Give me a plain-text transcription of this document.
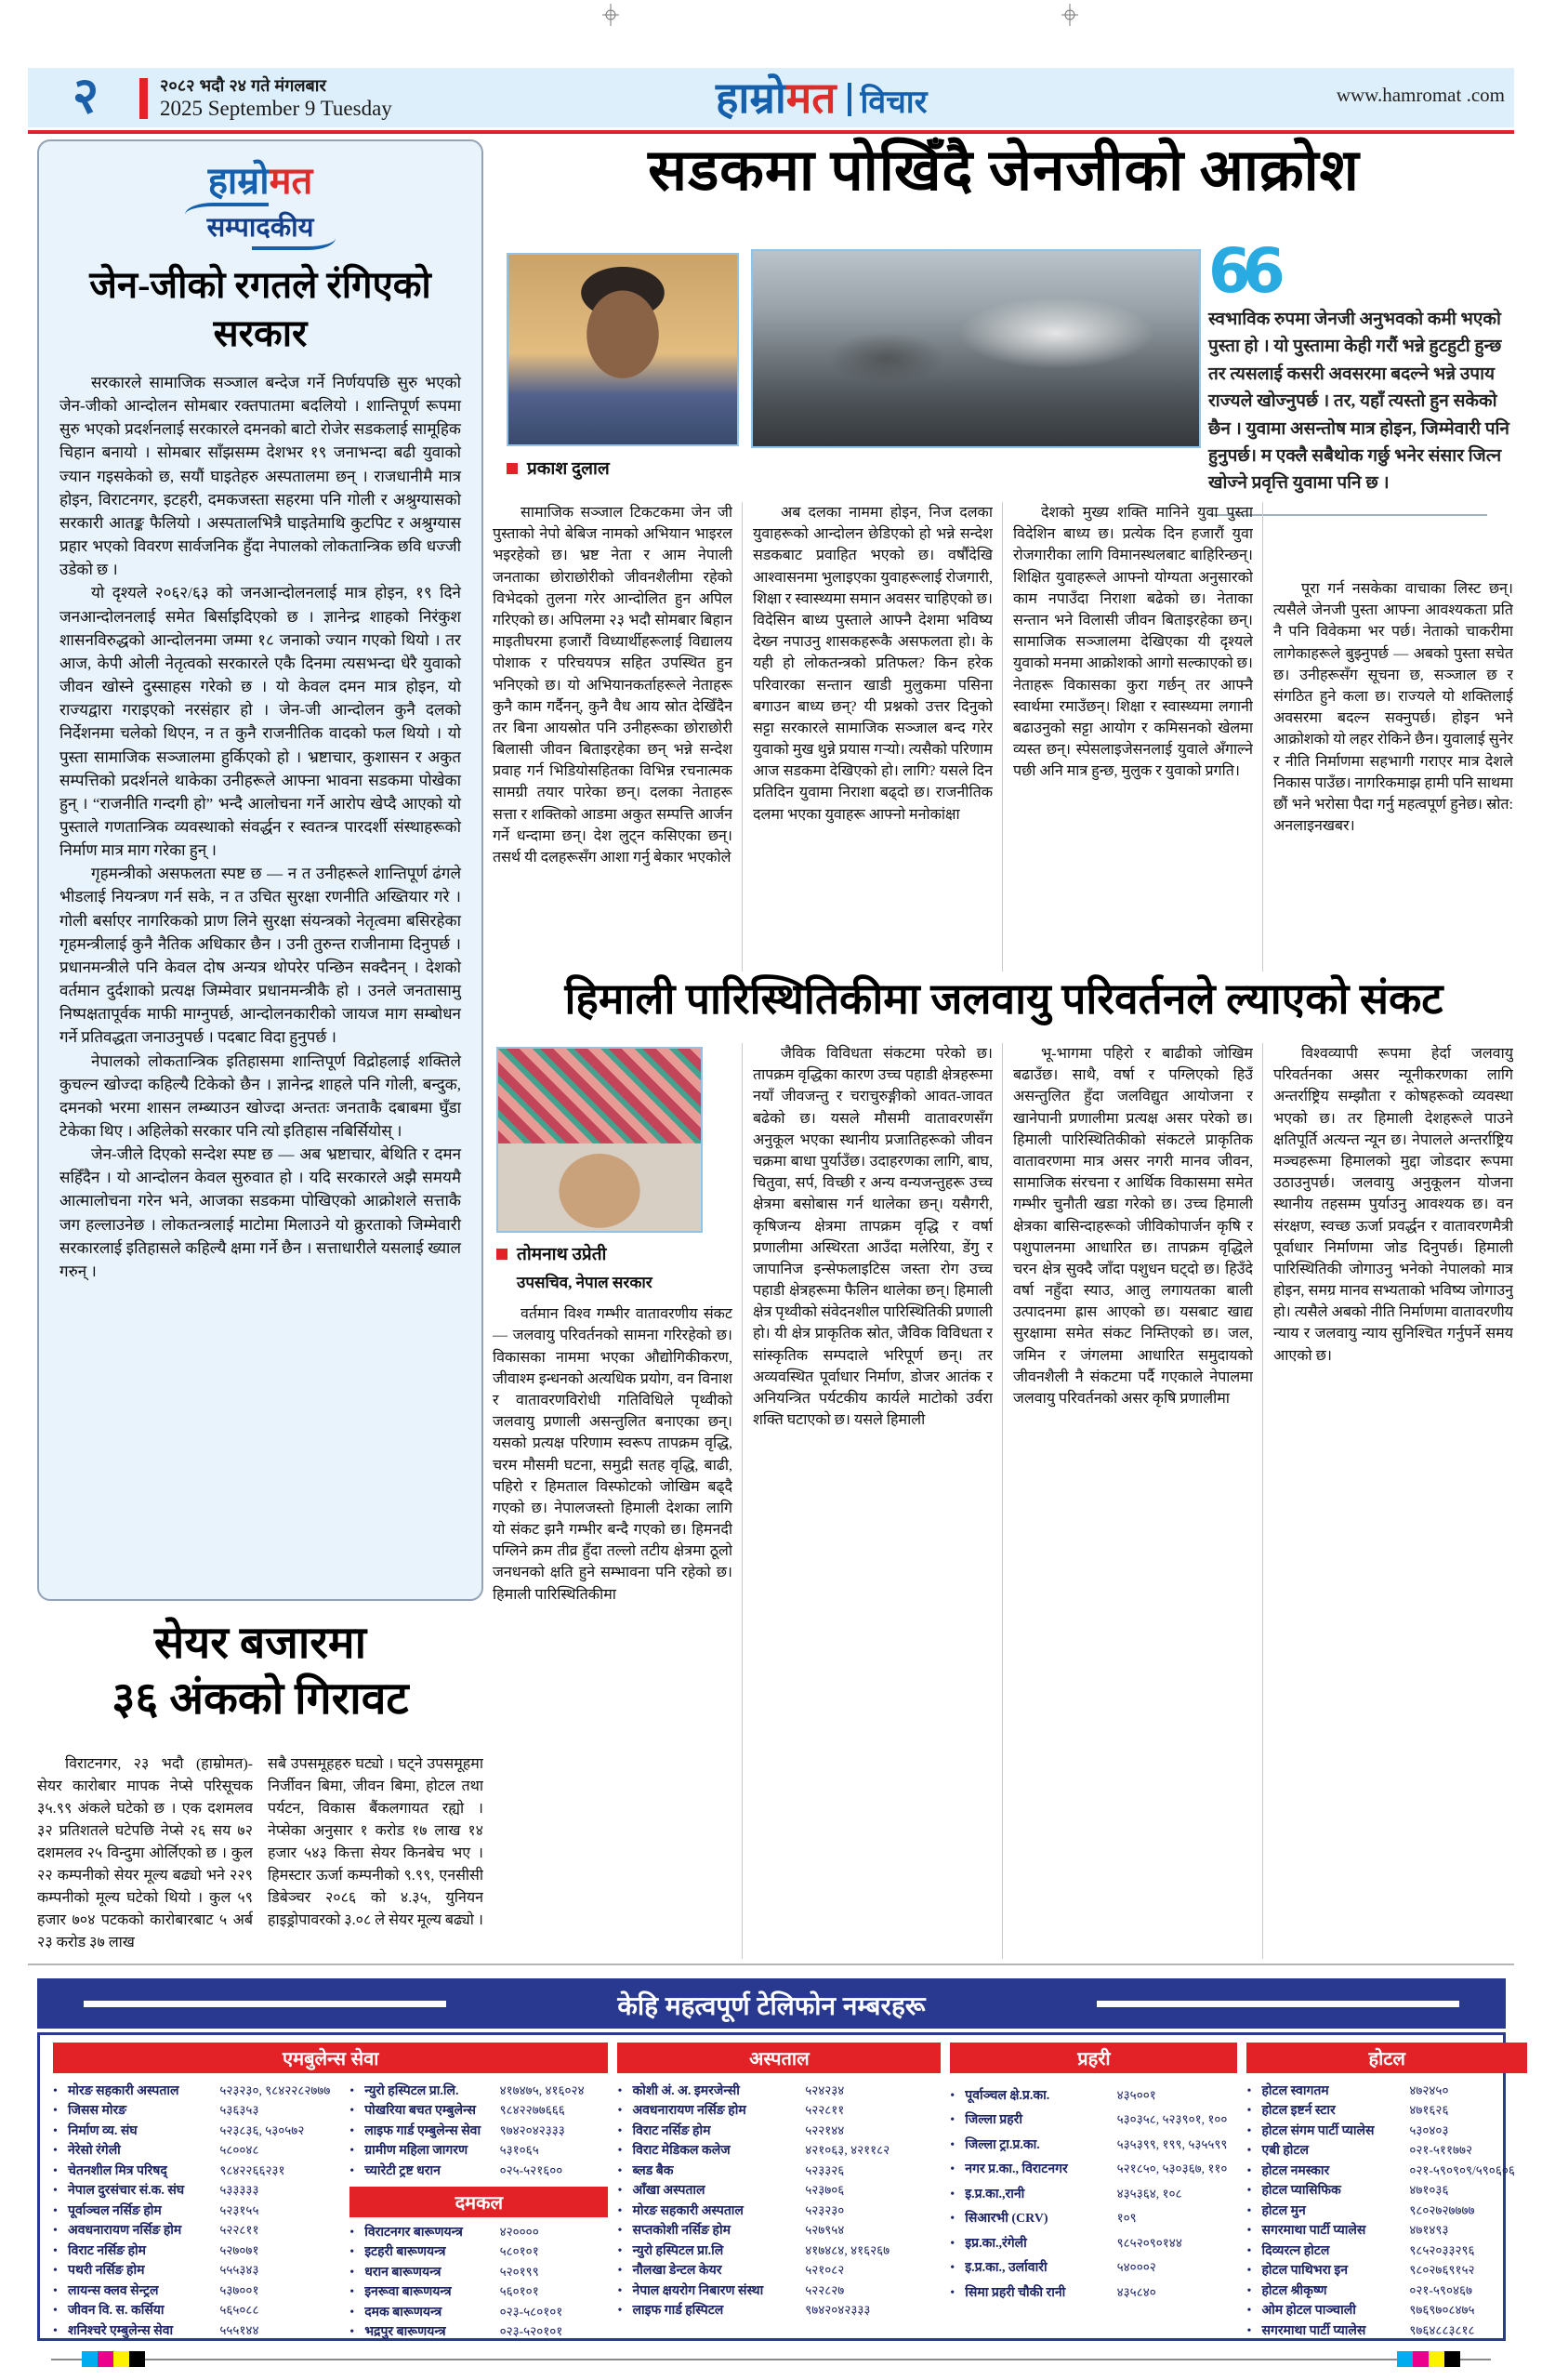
२	२०८२ भदौ २४ गते मंगलबार
2025 September 9 Tuesday	हाम्रोमत विचार	www.hamromat .com
हाम्रोमत
सम्पादकीय
जेन-जीको रगतले रंगिएको सरकार

सरकारले सामाजिक सञ्जाल बन्देज गर्ने निर्णयपछि सुरु भएको जेन-जीको आन्दोलन सोमबार रक्तपातमा बदलियो । शान्तिपूर्ण रूपमा सुरु भएको प्रदर्शनलाई सरकारले दमनको बाटो रोजेर सडकलाई सामूहिक चिहान बनायो । सोमबार साँझसम्म देशभर १९ जनाभन्दा बढी युवाको ज्यान गइसकेको छ, सयौं घाइतेहरु अस्पतालमा छन् । राजधानीमै मात्र होइन, विराटनगर, इटहरी, दमकजस्ता सहरमा पनि गोली र अश्रुग्यासको सरकारी आतङ्क फैलियो । अस्पतालभित्रै घाइतेमाथि कुटपिट र अश्रुग्यास प्रहार भएको विवरण सार्वजनिक हुँदा नेपालको लोकतान्त्रिक छवि धज्जी उडेको छ ।

यो दृश्यले २०६२/६३ को जनआन्दोलनलाई मात्र होइन, १९ दिने जनआन्दोलनलाई समेत बिर्साइदिएको छ । ज्ञानेन्द्र शाहको निरंकुश शासनविरुद्धको आन्दोलनमा जम्मा १८ जनाको ज्यान गएको थियो । तर आज, केपी ओली नेतृत्वको सरकारले एकै दिनमा त्यसभन्दा धेरै युवाको जीवन खोस्ने दुस्साहस गरेको छ । यो केवल दमन मात्र होइन, यो राज्यद्वारा गराइएको नरसंहार हो । जेन-जी आन्दोलन कुनै दलको निर्देशनमा चलेको थिएन, न त कुनै राजनीतिक वादको फल थियो । यो पुस्ता सामाजिक सञ्जालमा हुर्किएको हो । भ्रष्टाचार, कुशासन र अकुत सम्पत्तिको प्रदर्शनले थाकेका उनीहरूले आफ्ना भावना सडकमा पोखेका हुन् । “राजनीति गन्दगी हो” भन्दै आलोचना गर्ने आरोप खेप्दै आएको यो पुस्ताले गणतान्त्रिक व्यवस्थाको संवर्द्धन र स्वतन्त्र पारदर्शी संस्थाहरूको निर्माण मात्र माग गरेका हुन् ।

गृहमन्त्रीको असफलता स्पष्ट छ — न त उनीहरूले शान्तिपूर्ण ढंगले भीडलाई नियन्त्रण गर्न सके, न त उचित सुरक्षा रणनीति अख्तियार गरे । गोली बर्साएर नागरिकको प्राण लिने सुरक्षा संयन्त्रको नेतृत्वमा बसिरहेका गृहमन्त्रीलाई कुनै नैतिक अधिकार छैन । उनी तुरुन्त राजीनामा दिनुपर्छ । प्रधानमन्त्रीले पनि केवल दोष अन्यत्र थोपरेर पन्छिन सक्दैनन् । देशको वर्तमान दुर्दशाको प्रत्यक्ष जिम्मेवार प्रधानमन्त्रीकै हो । उनले जनतासामु निष्पक्षतापूर्वक माफी माग्नुपर्छ, आन्दोलनकारीको जायज माग सम्बोधन गर्ने प्रतिवद्धता जनाउनुपर्छ । पदबाट विदा हुनुपर्छ ।

नेपालको लोकतान्त्रिक इतिहासमा शान्तिपूर्ण विद्रोहलाई शक्तिले कुचल्न खोज्दा कहिल्यै टिकेको छैन । ज्ञानेन्द्र शाहले पनि गोली, बन्दुक, दमनको भरमा शासन लम्ब्याउन खोज्दा अन्ततः जनताकै दबाबमा घुँडा टेकेका थिए । अहिलेको सरकार पनि त्यो इतिहास नबिर्सियोस् ।

जेन-जीले दिएको सन्देश स्पष्ट छ — अब भ्रष्टाचार, बेथिति र दमन सहिँदैन । यो आन्दोलन केवल सुरुवात हो । यदि सरकारले अझै समयमै आत्मालोचना गरेन भने, आजका सडकमा पोखिएको आक्रोशले सत्ताकै जग हल्लाउनेछ । लोकतन्त्रलाई माटोमा मिलाउने यो क्रुरताको जिम्मेवारी सरकारलाई इतिहासले कहिल्यै क्षमा गर्ने छैन । सत्ताधारीले यसलाई ख्याल गरुन् ।

सडकमा पोखिँदै जेनजीको आक्रोश
प्रकाश दुलाल
66
स्वभाविक रुपमा जेनजी अनुभवको कमी भएको पुस्ता हो । यो पुस्तामा केही गरौं भन्ने हुटहुटी हुन्छ तर त्यसलाई कसरी अवसरमा बदल्ने भन्ने उपाय राज्यले खोज्नुपर्छ । तर, यहाँ त्यस्तो हुन सकेको छैन । युवामा असन्तोष मात्र होइन, जिम्मेवारी पनि हुनुपर्छ। म एक्लै सबैथोक गर्छु भनेर संसार जित्न खोज्ने प्रवृत्ति युवामा पनि छ ।
सामाजिक सञ्जाल टिकटकमा जेन जी पुस्ताको नेपो बेबिज नामको अभियान भाइरल भइरहेको छ। भ्रष्ट नेता र आम नेपाली जनताका छोराछोरीको जीवनशैलीमा रहेको विभेदको तुलना गरेर आन्दोलित हुन अपिल गरिएको छ। अपिलमा २३ भदौ सोमबार बिहान माइतीघरमा हजारौं विध्यार्थीहरूलाई विद्यालय पोशाक र परिचयपत्र सहित उपस्थित हुन भनिएको छ। यो अभियानकर्ताहरूले नेताहरू कुनै काम गर्दैनन्, कुनै वैध आय स्रोत देखिँदैन तर बिना आयस्रोत पनि उनीहरूका छोराछोरी बिलासी जीवन बिताइरहेका छन् भन्ने सन्देश प्रवाह गर्न भिडियोसहितका विभिन्न रचनात्मक सामग्री तयार पारेका छन्। दलका नेताहरू सत्ता र शक्तिको आडमा अकुत सम्पत्ति आर्जन गर्ने धन्दामा छन्। देश लुट्न कसिएका छन्। तसर्थ यी दलहरूसँग आशा गर्नु बेकार भएकोले
अब दलका नाममा होइन, निज दलका युवाहरूको आन्दोलन छेडिएको हो भन्ने सन्देश सडकबाट प्रवाहित भएको छ। वर्षौंदेखि आश्वासनमा भुलाइएका युवाहरूलाई रोजगारी, शिक्षा र स्वास्थ्यमा समान अवसर चाहिएको छ। विदेसिन बाध्य पुस्ताले आफ्नै देशमा भविष्य देख्न नपाउनु शासकहरूकै असफलता हो। के यही हो लोकतन्त्रको प्रतिफल? किन हरेक परिवारका सन्तान खाडी मुलुकमा पसिना बगाउन बाध्य छन्? यी प्रश्नको उत्तर दिनुको सट्टा सरकारले सामाजिक सञ्जाल बन्द गरेर युवाको मुख थुन्ने प्रयास गऱ्यो। त्यसैको परिणाम आज सडकमा देखिएको हो। लागि? यसले दिन प्रतिदिन युवामा निराशा बढ्दो छ। राजनीतिक दलमा भएका युवाहरू आफ्नो मनोकांक्षा
देशको मुख्य शक्ति मानिने युवा पुस्ता विदेशिन बाध्य छ। प्रत्येक दिन हजारौं युवा रोजगारीका लागि विमानस्थलबाट बाहिरिन्छन्। शिक्षित युवाहरूले आफ्नो योग्यता अनुसारको काम नपाउँदा निराशा बढेको छ। नेताका सन्तान भने विलासी जीवन बिताइरहेका छन्। सामाजिक सञ्जालमा देखिएका यी दृश्यले युवाको मनमा आक्रोशको आगो सल्काएको छ। नेताहरू विकासका कुरा गर्छन् तर आफ्नै स्वार्थमा रमाउँछन्। शिक्षा र स्वास्थ्यमा लगानी बढाउनुको सट्टा आयोग र कमिसनको खेलमा व्यस्त छन्। स्पेसलाइजेसनलाई युवाले अँगाल्ने पछी अनि मात्र हुन्छ, मुलुक र युवाको प्रगति।
पूरा गर्न नसकेका वाचाका लिस्ट छन्। त्यसैले जेनजी पुस्ता आफ्ना आवश्यकता प्रति नै पनि विवेकमा भर पर्छ। नेताको चाकरीमा लागेकाहरूले बुझ्नुपर्छ — अबको पुस्ता सचेत छ। उनीहरूसँग सूचना छ, सञ्जाल छ र संगठित हुने कला छ। राज्यले यो शक्तिलाई अवसरमा बदल्न सक्नुपर्छ। होइन भने आक्रोशको यो लहर रोकिने छैन। युवालाई सुनेर र नीति निर्माणमा सहभागी गराएर मात्र देशले निकास पाउँछ। नागरिकमाझ हामी पनि साथमा छौं भने भरोसा पैदा गर्नु महत्वपूर्ण हुनेछ। स्रोत: अनलाइनखबर।
हिमाली पारिस्थितिकीमा जलवायु परिवर्तनले ल्याएको संकट
तोमनाथ उप्रेती
उपसचिव, नेपाल सरकार
वर्तमान विश्व गम्भीर वातावरणीय संकट — जलवायु परिवर्तनको सामना गरिरहेको छ। विकासका नाममा भएका औद्योगिकीकरण, जीवाश्म इन्धनको अत्यधिक प्रयोग, वन विनाश र वातावरणविरोधी गतिविधिले पृथ्वीको जलवायु प्रणाली असन्तुलित बनाएका छन्। यसको प्रत्यक्ष परिणाम स्वरूप तापक्रम वृद्धि, चरम मौसमी घटना, समुद्री सतह वृद्धि, बाढी, पहिरो र हिमताल विस्फोटको जोखिम बढ्दै गएको छ। नेपालजस्तो हिमाली देशका लागि यो संकट झनै गम्भीर बन्दै गएको छ। हिमनदी पग्लिने क्रम तीव्र हुँदा तल्लो तटीय क्षेत्रमा ठूलो जनधनको क्षति हुने सम्भावना पनि रहेको छ। हिमाली पारिस्थितिकीमा
जैविक विविधता संकटमा परेको छ। तापक्रम वृद्धिका कारण उच्च पहाडी क्षेत्रहरूमा नयाँ जीवजन्तु र चराचुरुङ्गीको आवत-जावत बढेको छ। यसले मौसमी वातावरणसँग अनुकूल भएका स्थानीय प्रजातिहरूको जीवन चक्रमा बाधा पुर्याउँछ। उदाहरणका लागि, बाघ, चितुवा, सर्प, विच्छी र अन्य वन्यजन्तुहरू उच्च क्षेत्रमा बसोबास गर्न थालेका छन्। यसैगरी, कृषिजन्य क्षेत्रमा तापक्रम वृद्धि र वर्षा प्रणालीमा अस्थिरता आउँदा मलेरिया, डेंगु र जापानिज इन्सेफलाइटिस जस्ता रोग उच्च पहाडी क्षेत्रहरूमा फैलिन थालेका छन्। हिमाली क्षेत्र पृथ्वीको संवेदनशील पारिस्थितिकी प्रणाली हो। यी क्षेत्र प्राकृतिक स्रोत, जैविक विविधता र सांस्कृतिक सम्पदाले भरिपूर्ण छन्। तर अव्यवस्थित पूर्वाधार निर्माण, डोजर आतंक र अनियन्त्रित पर्यटकीय कार्यले माटोको उर्वरा शक्ति घटाएको छ। यसले हिमाली
भू-भागमा पहिरो र बाढीको जोखिम बढाउँछ। साथै, वर्षा र पग्लिएको हिउँ असन्तुलित हुँदा जलविद्युत आयोजना र खानेपानी प्रणालीमा प्रत्यक्ष असर परेको छ। हिमाली पारिस्थितिकीको संकटले प्राकृतिक वातावरणमा मात्र असर नगरी मानव जीवन, सामाजिक संरचना र आर्थिक विकासमा समेत गम्भीर चुनौती खडा गरेको छ। उच्च हिमाली क्षेत्रका बासिन्दाहरूको जीविकोपार्जन कृषि र पशुपालनमा आधारित छ। तापक्रम वृद्धिले चरन क्षेत्र सुक्दै जाँदा पशुधन घट्दो छ। हिउँदे वर्षा नहुँदा स्याउ, आलु लगायतका बाली उत्पादनमा ह्रास आएको छ। यसबाट खाद्य सुरक्षामा समेत संकट निम्तिएको छ। जल, जमिन र जंगलमा आधारित समुदायको जीवनशैली नै संकटमा पर्दै गएकाले नेपालमा जलवायु परिवर्तनको असर कृषि प्रणालीमा
विश्वव्यापी रूपमा हेर्दा जलवायु परिवर्तनका असर न्यूनीकरणका लागि अन्तर्राष्ट्रिय सम्झौता र कोषहरूको व्यवस्था भएको छ। तर हिमाली देशहरूले पाउने क्षतिपूर्ति अत्यन्त न्यून छ। नेपालले अन्तर्राष्ट्रिय मञ्चहरूमा हिमालको मुद्दा जोडदार रूपमा उठाउनुपर्छ। जलवायु अनुकूलन योजना स्थानीय तहसम्म पुर्याउनु आवश्यक छ। वन संरक्षण, स्वच्छ ऊर्जा प्रवर्द्धन र वातावरणमैत्री पूर्वाधार निर्माणमा जोड दिनुपर्छ। हिमाली पारिस्थितिकी जोगाउनु भनेको नेपालको मात्र होइन, समग्र मानव सभ्यताको भविष्य जोगाउनु हो। त्यसैले अबको नीति निर्माणमा वातावरणीय न्याय र जलवायु न्याय सुनिश्चित गर्नुपर्ने समय आएको छ।
सेयर बजारमा
३६ अंकको गिरावट
विराटनगर, २३ भदौ (हाम्रोमत)- सेयर कारोबार मापक नेप्से परिसूचक ३५.९९ अंकले घटेको छ । एक दशमलव ३२ प्रतिशतले घटेपछि नेप्से २६ सय ७२ दशमलव २५ विन्दुमा ओर्लिएको छ । कुल २२ कम्पनीको सेयर मूल्य बढ्यो भने २२९ कम्पनीको मूल्य घटेको थियो । कुल ५९ हजार ७०४ पटकको कारोबारबाट ५ अर्ब २३ करोड ३७ लाख
सबै उपसमूहहरु घट्यो । घट्ने उपसमूहमा निर्जीवन बिमा, जीवन बिमा, होटल तथा पर्यटन, विकास बैंकलगायत रह्यो । नेप्सेका अनुसार १ करोड १७ लाख १४ हजार ५४३ कित्ता सेयर किनबेच भए । हिमस्टार ऊर्जा कम्पनीको ९.९९, एनसीसी डिबेञ्चर २०८६ को ४.३५, युनियन हाइड्रोपावरको ३.०८ ले सेयर मूल्य बढ्यो ।
केहि महत्वपूर्ण टेलिफोन नम्बरहरू
एमबुलेन्स सेवा	अस्पताल	प्रहरी	होटल
• मोरङ सहकारी अस्पताल	५२३२३०, ९८४२२८२७७७
• जिसस मोरङ	५३६३५३
• निर्माण व्य. संघ	५२३८३६, ५३०५७२
• नेरेसो रंगेली	५८००४८
• चेतनशील मित्र परिषद्	९८४२२६६२३१
• नेपाल दुरसंचार सं.क. संघ	५३३३३३
• पूर्वाञ्चल नर्सिङ होम	५२३१५५
• अवधनारायण नर्सिङ होम	५२२८११
• विराट नर्सिङ होम	५२७०७१
• पथरी नर्सिङ होम	५५५३४३
• लायन्स क्लव सेन्ट्रल	५३७००१
• जीवन वि. स. कर्सिया	५६५०८८
• शनिश्चरे एम्बुलेन्स सेवा	५५५१४४
• न्युरो हस्पिटल प्रा.लि.	४१७४७५, ४१६०२४
• पोखरिया बचत एम्बुलेन्स	९८४२२७७६६६
• लाइफ गार्ड एम्बुलेन्स सेवा	९७४२०४२३३३
• ग्रामीण महिला जागरण	५३१०६५
• च्यारेटी ट्रष्ट धरान	०२५-५२१६००
दमकल
• विराटनगर बारूणयन्त्र	४२००००
• इटहरी बारूणयन्त्र	५८०१०१
• धरान बारूणयन्त्र	५२०१९९
• इनरूवा बारूणयन्त्र	५६०१०१
• दमक बारूणयन्त्र	०२३-५८०१०१
• भद्रपुर बारूणयन्त्र	०२३-५२०१०१
• कोशी अं. अ. इमरजेन्सी	५२४२३४
• अवधनारायण नर्सिङ होम	५२२८११
• विराट नर्सिङ होम	५२२१४४
• विराट मेडिकल कलेज	४२१०६३, ४२११८२
• ब्लड बैक	५२३३२६
• आँखा अस्पताल	५२३७०६
• मोरङ सहकारी अस्पताल	५२३२३०
• सप्तकोशी नर्सिङ होम	५२७९५४
• न्युरो हस्पिटल प्रा.लि	४१७४८४, ४१६२६७
• नौलखा डेन्टल केयर	५२१०८२
• नेपाल क्षयरोग निबारण संस्था	५२२८२७
• लाइफ गार्ड हस्पिटल	९७४२०४२३३३
• पूर्वाञ्चल क्षे.प्र.का.	४३५००१
• जिल्ला प्रहरी	५३०३५८, ५२३९०१, १००
• जिल्ला ट्रा.प्र.का.	५३५३९९, १९९, ५३५५९९
• नगर प्र.का., विराटनगर	५२१८५०, ५३०३६७, ११०
• इ.प्र.का.,रानी	४३५३६४, १०८
• सिआरभी (CRV)	१०९
• इप्र.का.,रंगेली	९८५२०९०१४४
• इ.प्र.का., उर्लावारी	५४०००२
• सिमा प्रहरी चौकी रानी	४३५८४०
• होटल स्वागतम	४७२४५०
• होटल इष्टर्न स्टार	४७१६२६
• होटल संगम पार्टी प्यालेस	५३०४०३
• एबी होटल	०२१-५११७७२
• होटल नमस्कार	०२१-५९०९०९/५९०६०६
• होटल प्यासिफिक	४७१०३६
• होटल मुन	९८०२७२७७७७
• सगरमाथा पार्टी प्यालेस	४७१४९३
• दिव्यरत्न होटल	९८५२०३३२९६
• होटल पाथिभरा इन	९८०२७६९१५२
• होटल श्रीकृष्ण	०२१-५९०४६७
• ओम होटल पाञ्चाली	९७६९७०८४७५
• सगरमाथा पार्टी प्यालेस	९७६४८८३८१८
